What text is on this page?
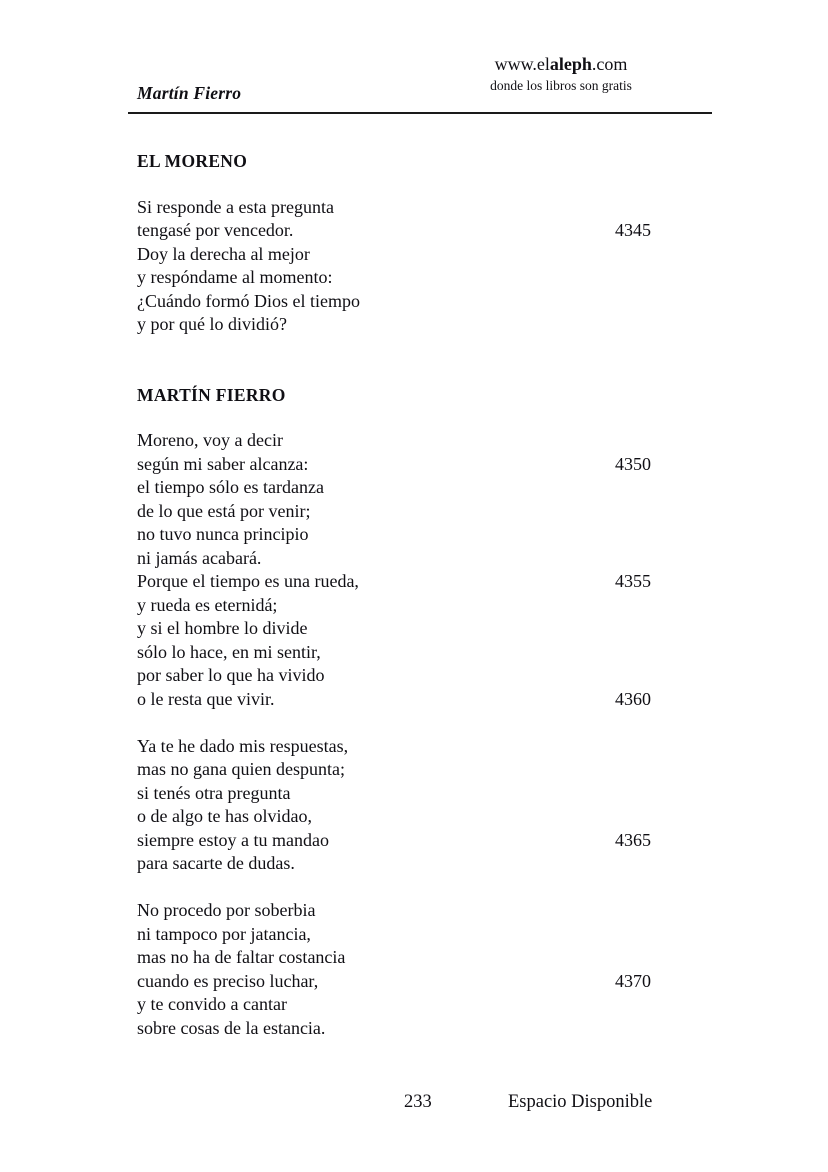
Martín Fierro
www.elaleph.com
donde los libros son gratis
EL MORENO
Si responde a esta pregunta
tengasé por vencedor.	4345
Doy la derecha al mejor
y respóndame al momento:
¿Cuándo formó Dios el tiempo
y por qué lo dividió?
MARTÍN FIERRO
Moreno, voy a decir
según mi saber alcanza:	4350
el tiempo sólo es tardanza
de lo que está por venir;
no tuvo nunca principio
ni jamás acabará.
Porque el tiempo es una rueda,	4355
y rueda es eternidá;
y si el hombre lo divide
sólo lo hace, en mi sentir,
por saber lo que ha vivido
o le resta que vivir.	4360
Ya te he dado mis respuestas,
mas no gana quien despunta;
si tenés otra pregunta
o de algo te has olvidao,
siempre estoy a tu mandao	4365
para sacarte de dudas.
No procedo por soberbia
ni tampoco por jatancia,
mas no ha de faltar costancia
cuando es preciso luchar,	4370
y te convido a cantar
sobre cosas de la estancia.
233	Espacio Disponible
